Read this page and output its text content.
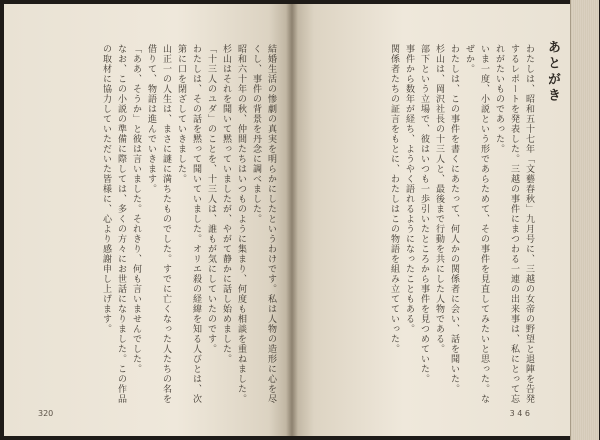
結婚生活の惨劇の真実を明らかにしたというわけです。私は人物の造形に心を尽くし、事件の背景を丹念に調べました。
昭和六十年の秋、仲間たちはいつものように集まり、何度も相談を重ねました。杉山はそれを聞いて黙っていましたが、やがて静かに話し始めました。
「十三人のユダ」のことを、十三人は、誰もが気にしていたのです。
わたしは、その話を黙って聞いていました。オリエ殺の経緯を知る人びとは、次第に口を閉ざしていきました。
山正一の人生は、まさに謎に満ちたものでした。すでに亡くなった人たちの名を借りて、物語は進んでいきます。
「ああ、そうか」と彼は言いました。それきり、何も言いませんでした。
なお、この小説の準備に際しては、多くの方々にお世話になりました。この作品の取材に協力していただいた皆様に、心より感謝申し上げます。
320
あとがき
わたしは、昭和五十七年「文藝春秋」九月号に、三越の女帝の野望と退陣を告発するレポートを発表した。三越の事件にまつわる一連の出来事は、私にとって忘れがたいものであった。
いま一度、小説という形であらためて、その事件を見直してみたいと思った。なぜか。
わたしは、この事件を書くにあたって、何人かの関係者に会い、話を聞いた。
杉山は、岡沢社長の十三人と、最後まで行動を共にした人物である。
部下という立場で、彼はいつも一歩引いたところから事件を見つめていた。
事件から数年が経ち、ようやく語れるようになったこともある。
関係者たちの証言をもとに、わたしはこの物語を組み立てていった。
3 4 6
